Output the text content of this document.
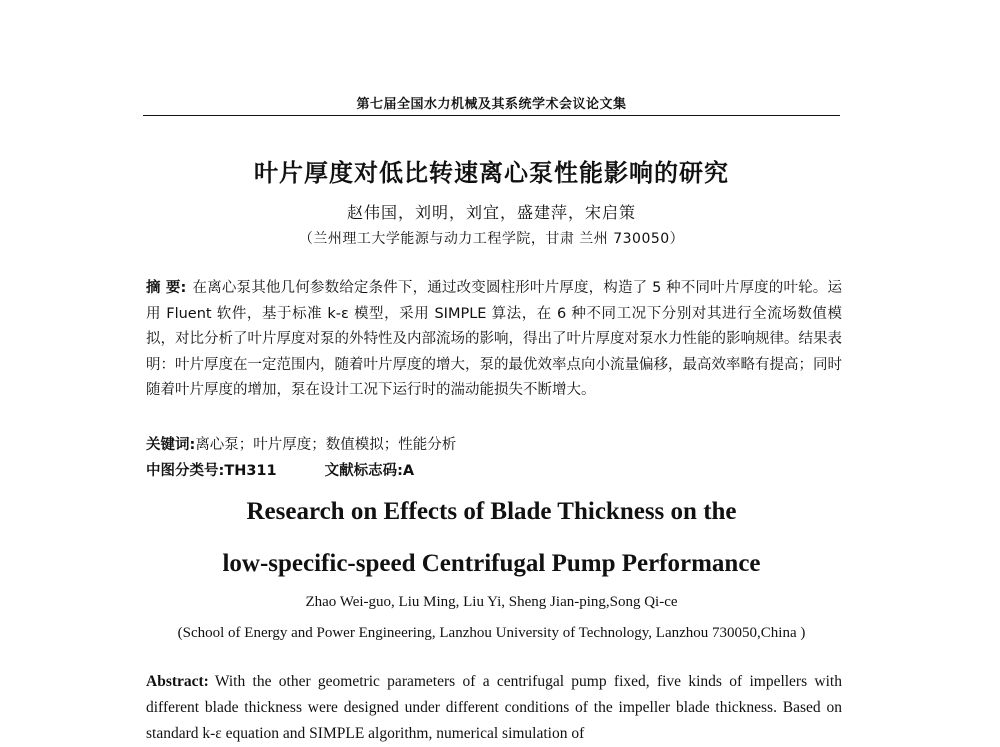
第七届全国水力机械及其系统学术会议论文集
叶片厚度对低比转速离心泵性能影响的研究
赵伟国，刘明，刘宜，盛建萍，宋启策
（兰州理工大学能源与动力工程学院，甘肃 兰州 730050）

摘 要: 在离心泵其他几何参数给定条件下，通过改变圆柱形叶片厚度，构造了 5 种不同叶片厚度的叶轮。运用 Fluent 软件，基于标准 k-ε 模型，采用 SIMPLE 算法，在 6 种不同工况下分别对其进行全流场数值模拟，对比分析了叶片厚度对泵的外特性及内部流场的影响，得出了叶片厚度对泵水力性能的影响规律。结果表明：叶片厚度在一定范围内，随着叶片厚度的增大，泵的最优效率点向小流量偏移，最高效率略有提高；同时随着叶片厚度的增加，泵在设计工况下运行时的湍动能损失不断增大。

关键词:离心泵；叶片厚度；数值模拟；性能分析
中图分类号:TH311	文献标志码:A
Research on Effects of Blade Thickness on the
low-specific-speed Centrifugal Pump Performance
Zhao Wei-guo, Liu Ming, Liu Yi, Sheng Jian-ping,Song Qi-ce
(School of Energy and Power Engineering, Lanzhou University of Technology, Lanzhou 730050,China )

Abstract: With the other geometric parameters of a centrifugal pump fixed, five kinds of impellers with different blade thickness were designed under different conditions of the impeller blade thickness. Based on standard k-ε equation and SIMPLE algorithm, numerical simulation of
